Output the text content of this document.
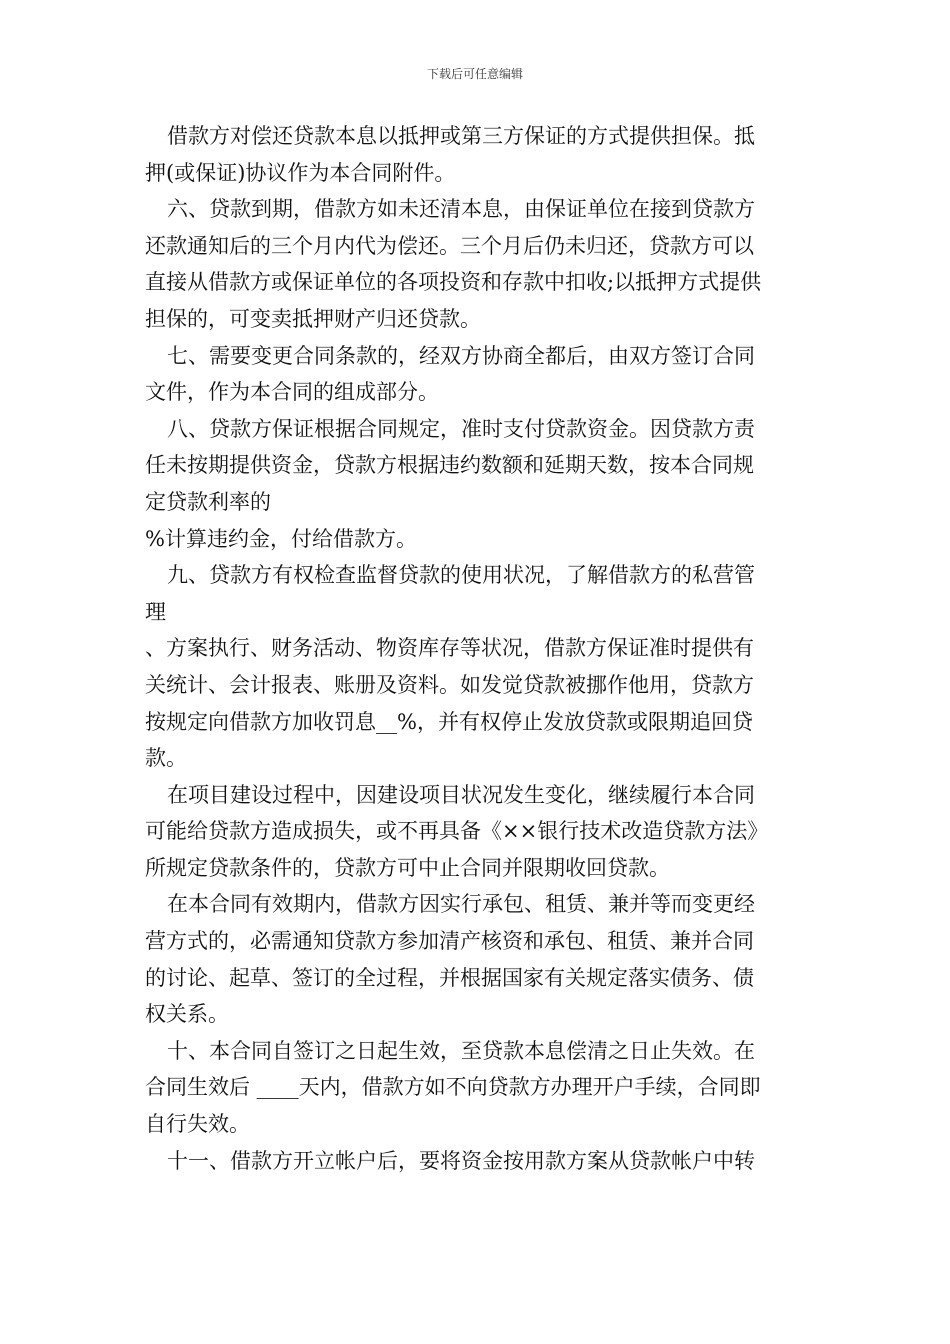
下载后可任意编辑
借款方对偿还贷款本息以抵押或第三方保证的方式提供担保。抵
押(或保证)协议作为本合同附件。
六、贷款到期，借款方如未还清本息，由保证单位在接到贷款方
还款通知后的三个月内代为偿还。三个月后仍未归还，贷款方可以
直接从借款方或保证单位的各项投资和存款中扣收;以抵押方式提供
担保的，可变卖抵押财产归还贷款。
七、需要变更合同条款的，经双方协商全都后，由双方签订合同
文件，作为本合同的组成部分。
八、贷款方保证根据合同规定，准时支付贷款资金。因贷款方责
任未按期提供资金，贷款方根据违约数额和延期天数，按本合同规
定贷款利率的
%计算违约金，付给借款方。
九、贷款方有权检查监督贷款的使用状况，了解借款方的私营管
理
、方案执行、财务活动、物资库存等状况，借款方保证准时提供有
关统计、会计报表、账册及资料。如发觉贷款被挪作他用，贷款方
按规定向借款方加收罚息__%，并有权停止发放贷款或限期追回贷
款。
在项目建设过程中，因建设项目状况发生变化，继续履行本合同
可能给贷款方造成损失，或不再具备《××银行技术改造贷款方法》
所规定贷款条件的，贷款方可中止合同并限期收回贷款。
在本合同有效期内，借款方因实行承包、租赁、兼并等而变更经
营方式的，必需通知贷款方参加清产核资和承包、租赁、兼并合同
的讨论、起草、签订的全过程，并根据国家有关规定落实债务、债
权关系。
十、本合同自签订之日起生效，至贷款本息偿清之日止失效。在
合同生效后 ____天内，借款方如不向贷款方办理开户手续，合同即
自行失效。
十一、借款方开立帐户后，要将资金按用款方案从贷款帐户中转
